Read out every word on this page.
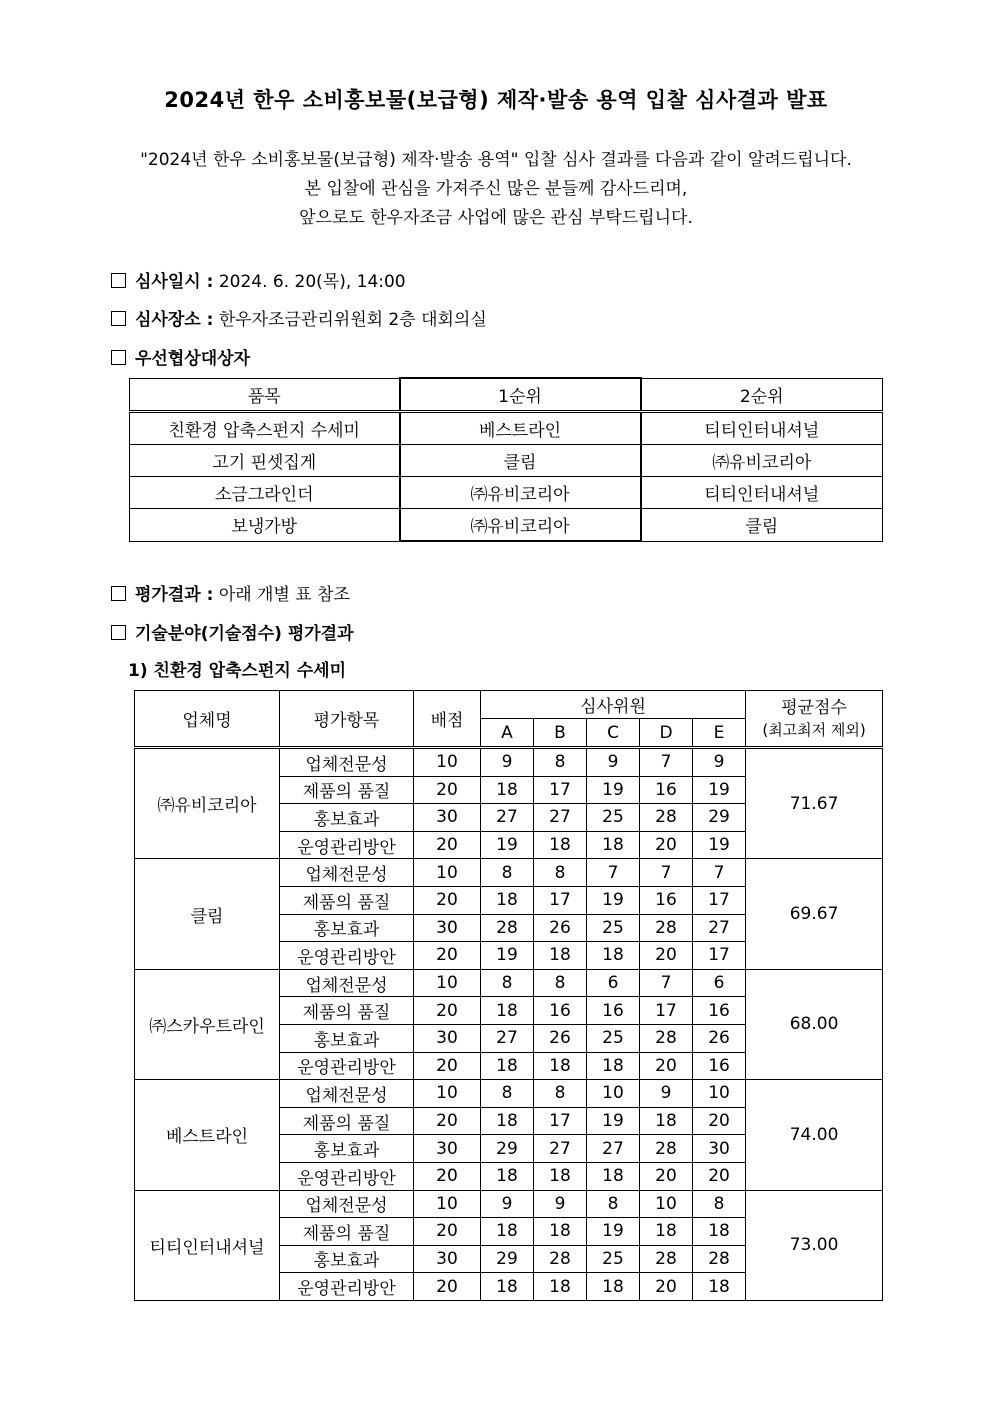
2024년 한우 소비홍보물(보급형) 제작·발송 용역 입찰 심사결과 발표
"2024년 한우 소비홍보물(보급형) 제작·발송 용역" 입찰 심사 결과를 다음과 같이 알려드립니다.
본 입찰에 관심을 가져주신 많은 분들께 감사드리며,
앞으로도 한우자조금 사업에 많은 관심 부탁드립니다.
심사일시 : 2024. 6. 20(목), 14:00
심사장소 : 한우자조금관리위원회 2층 대회의실
우선협상대상자
품목	1순위	2순위
친환경 압축스펀지 수세미	베스트라인	티티인터내셔널
고기 핀셋집게	클림	㈜유비코리아
소금그라인더	㈜유비코리아	티티인터내셔널
보냉가방	㈜유비코리아	클림
평가결과 : 아래 개별 표 참조
기술분야(기술점수) 평가결과
1) 친환경 압축스펀지 수세미
업체명	평가항목	배점	심사위원					평균점수
(최고최저 제외)

			A	B	C	D	E	
㈜유비코리아	업체전문성	10	9	8	9	7	9	71.67
	제품의 품질	20	18	17	19	16	19	
	홍보효과	30	27	27	25	28	29	
	운영관리방안	20	19	18	18	20	19	
클림	업체전문성	10	8	8	7	7	7	69.67
	제품의 품질	20	18	17	19	16	17	
	홍보효과	30	28	26	25	28	27	
	운영관리방안	20	19	18	18	20	17	
㈜스카우트라인	업체전문성	10	8	8	6	7	6	68.00
	제품의 품질	20	18	16	16	17	16	
	홍보효과	30	27	26	25	28	26	
	운영관리방안	20	18	18	18	20	16	
베스트라인	업체전문성	10	8	8	10	9	10	74.00
	제품의 품질	20	18	17	19	18	20	
	홍보효과	30	29	27	27	28	30	
	운영관리방안	20	18	18	18	20	20	
티티인터내셔널	업체전문성	10	9	9	8	10	8	73.00
	제품의 품질	20	18	18	19	18	18	
	홍보효과	30	29	28	25	28	28	
	운영관리방안	20	18	18	18	20	18	
